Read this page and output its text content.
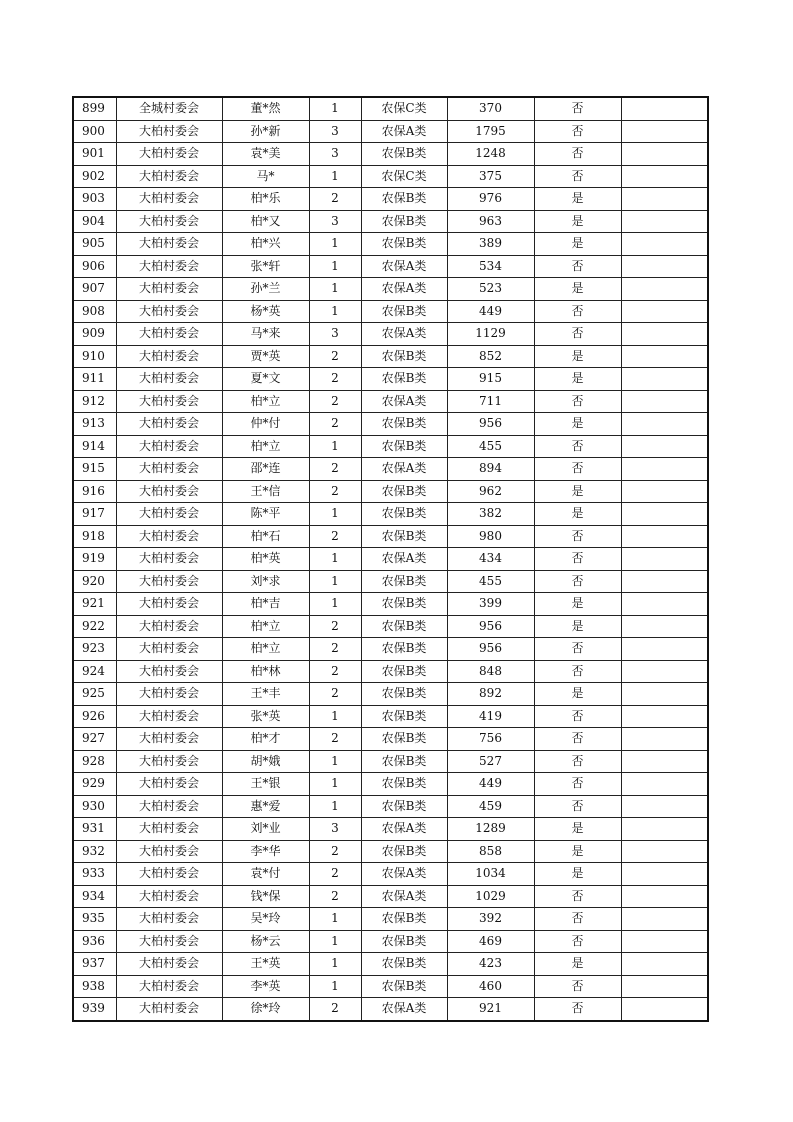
899	全城村委会	董*然	1	农保C类	370	否	
900	大柏村委会	孙*新	3	农保A类	1795	否	
901	大柏村委会	袁*美	3	农保B类	1248	否	
902	大柏村委会	马*	1	农保C类	375	否	
903	大柏村委会	柏*乐	2	农保B类	976	是	
904	大柏村委会	柏*又	3	农保B类	963	是	
905	大柏村委会	柏*兴	1	农保B类	389	是	
906	大柏村委会	张*轩	1	农保A类	534	否	
907	大柏村委会	孙*兰	1	农保A类	523	是	
908	大柏村委会	杨*英	1	农保B类	449	否	
909	大柏村委会	马*来	3	农保A类	1129	否	
910	大柏村委会	贾*英	2	农保B类	852	是	
911	大柏村委会	夏*文	2	农保B类	915	是	
912	大柏村委会	柏*立	2	农保A类	711	否	
913	大柏村委会	仲*付	2	农保B类	956	是	
914	大柏村委会	柏*立	1	农保B类	455	否	
915	大柏村委会	邵*连	2	农保A类	894	否	
916	大柏村委会	王*信	2	农保B类	962	是	
917	大柏村委会	陈*平	1	农保B类	382	是	
918	大柏村委会	柏*石	2	农保B类	980	否	
919	大柏村委会	柏*英	1	农保A类	434	否	
920	大柏村委会	刘*求	1	农保B类	455	否	
921	大柏村委会	柏*吉	1	农保B类	399	是	
922	大柏村委会	柏*立	2	农保B类	956	是	
923	大柏村委会	柏*立	2	农保B类	956	否	
924	大柏村委会	柏*林	2	农保B类	848	否	
925	大柏村委会	王*丰	2	农保B类	892	是	
926	大柏村委会	张*英	1	农保B类	419	否	
927	大柏村委会	柏*才	2	农保B类	756	否	
928	大柏村委会	胡*娥	1	农保B类	527	否	
929	大柏村委会	王*银	1	农保B类	449	否	
930	大柏村委会	惠*爱	1	农保B类	459	否	
931	大柏村委会	刘*业	3	农保A类	1289	是	
932	大柏村委会	李*华	2	农保B类	858	是	
933	大柏村委会	袁*付	2	农保A类	1034	是	
934	大柏村委会	钱*保	2	农保A类	1029	否	
935	大柏村委会	吴*玲	1	农保B类	392	否	
936	大柏村委会	杨*云	1	农保B类	469	否	
937	大柏村委会	王*英	1	农保B类	423	是	
938	大柏村委会	李*英	1	农保B类	460	否	
939	大柏村委会	徐*玲	2	农保A类	921	否	
